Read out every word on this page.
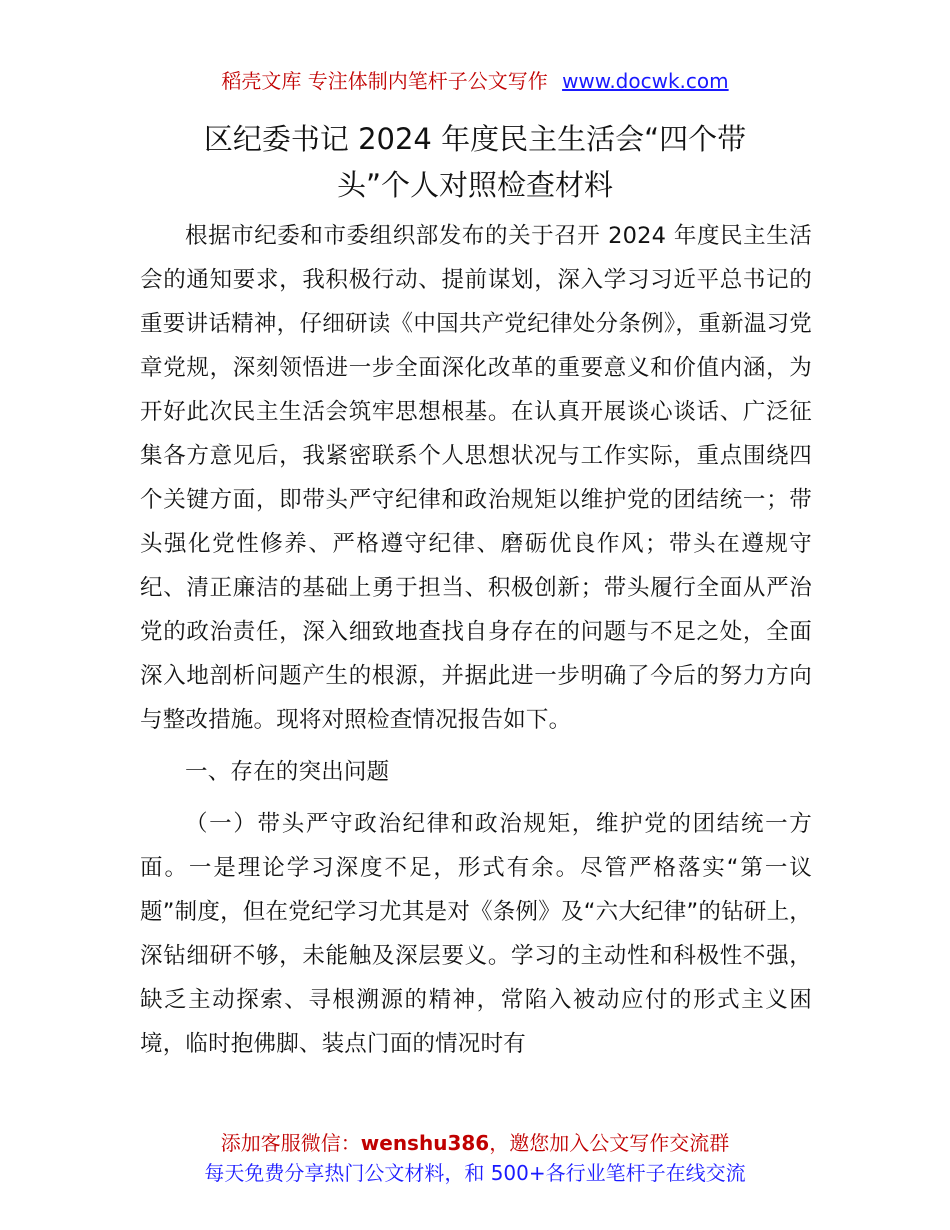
稻壳文库 专注体制内笔杆子公文写作 www.docwk.com
区纪委书记 2024 年度民主生活会“四个带
头”个人对照检查材料

根据市纪委和市委组织部发布的关于召开 2024 年度民主生活会的通知要求，我积极行动、提前谋划，深入学习习近平总书记的重要讲话精神，仔细研读《中国共产党纪律处分条例》，重新温习党章党规，深刻领悟进一步全面深化改革的重要意义和价值内涵，为开好此次民主生活会筑牢思想根基。在认真开展谈心谈话、广泛征集各方意见后，我紧密联系个人思想状况与工作实际，重点围绕四个关键方面，即带头严守纪律和政治规矩以维护党的团结统一；带头强化党性修养、严格遵守纪律、磨砺优良作风；带头在遵规守纪、清正廉洁的基础上勇于担当、积极创新；带头履行全面从严治党的政治责任，深入细致地查找自身存在的问题与不足之处，全面深入地剖析问题产生的根源，并据此进一步明确了今后的努力方向与整改措施。现将对照检查情况报告如下。

一、存在的突出问题

（一）带头严守政治纪律和政治规矩，维护党的团结统一方面。一是理论学习深度不足，形式有余。尽管严格落实“第一议题”制度，但在党纪学习尤其是对《条例》及“六大纪律”的钻研上，深钻细研不够，未能触及深层要义。学习的主动性和科极性不强，缺乏主动探索、寻根溯源的精神，常陷入被动应付的形式主义困境，临时抱佛脚、装点门面的情况时有

添加客服微信：wenshu386，邀您加入公文写作交流群
每天免费分享热门公文材料，和 500+各行业笔杆子在线交流
